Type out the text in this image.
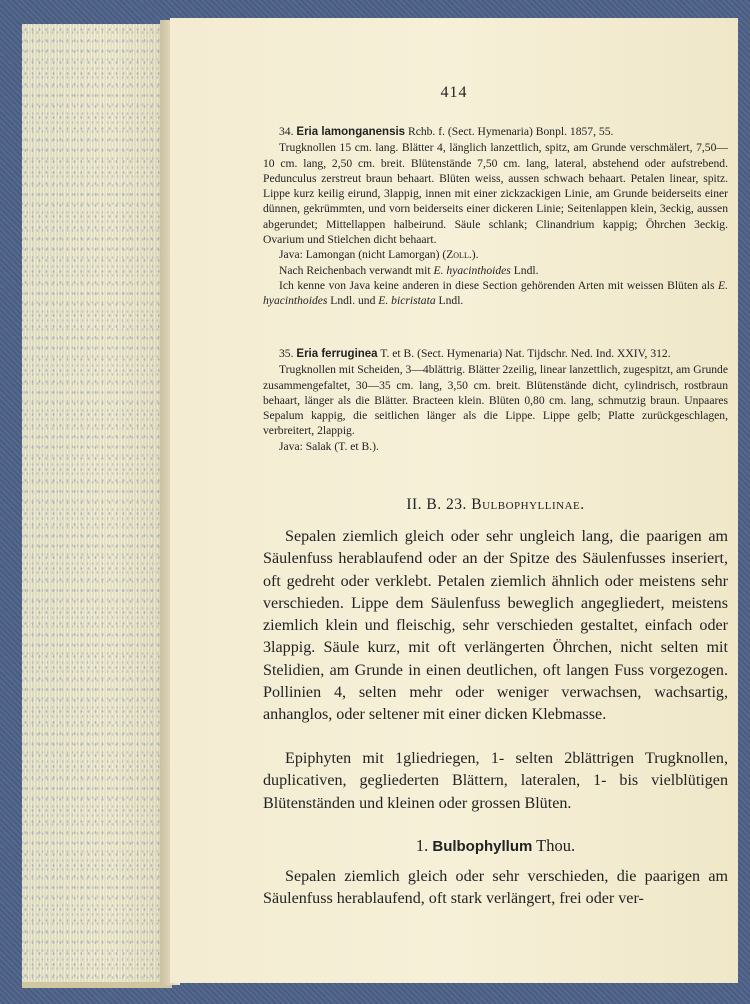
414

34. Eria lamonganensis Rchb. f. (Sect. Hymenaria) Bonpl. 1857, 55.

Trugknollen 15 cm. lang. Blätter 4, länglich lanzettlich, spitz, am Grunde verschmälert, 7,50—10 cm. lang, 2,50 cm. breit. Blütenstände 7,50 cm. lang, lateral, abstehend oder aufstrebend. Pedunculus zerstreut braun behaart. Blüten weiss, aussen schwach behaart. Petalen linear, spitz. Lippe kurz keilig eirund, 3lappig, innen mit einer zickzackigen Linie, am Grunde beiderseits einer dünnen, gekrümmten, und vorn beiderseits einer dickeren Linie; Seitenlappen klein, 3eckig, aussen abgerundet; Mittellappen halbeirund. Säule schlank; Clinandrium kappig; Öhrchen 3eckig. Ovarium und Stielchen dicht behaart.

Java: Lamongan (nicht Lamorgan) (Zoll.).

Nach Reichenbach verwandt mit E. hyacinthoides Lndl.

Ich kenne von Java keine anderen in diese Section gehörenden Arten mit weissen Blüten als E. hyacinthoides Lndl. und E. bicristata Lndl.

35. Eria ferruginea T. et B. (Sect. Hymenaria) Nat. Tijdschr. Ned. Ind. XXIV, 312.

Trugknollen mit Scheiden, 3—4blättrig. Blätter 2zeilig, linear lanzettlich, zugespitzt, am Grunde zusammengefaltet, 30—35 cm. lang, 3,50 cm. breit. Blütenstände dicht, cylindrisch, rostbraun behaart, länger als die Blätter. Bracteen klein. Blüten 0,80 cm. lang, schmutzig braun. Unpaares Sepalum kappig, die seitlichen länger als die Lippe. Lippe gelb; Platte zurückgeschlagen, verbreitert, 2lappig.

Java: Salak (T. et B.).

II. B. 23. Bulbophyllinae.

Sepalen ziemlich gleich oder sehr ungleich lang, die paarigen am Säulenfuss herablaufend oder an der Spitze des Säulenfusses inseriert, oft gedreht oder verklebt. Petalen ziemlich ähnlich oder meistens sehr verschieden. Lippe dem Säulenfuss beweglich angegliedert, meistens ziemlich klein und fleischig, sehr verschieden gestaltet, einfach oder 3lappig. Säule kurz, mit oft verlängerten Öhrchen, nicht selten mit Stelidien, am Grunde in einen deutlichen, oft langen Fuss vorgezogen. Pollinien 4, selten mehr oder weniger verwachsen, wachsartig, anhanglos, oder seltener mit einer dicken Klebmasse.

Epiphyten mit 1gliedriegen, 1- selten 2blättrigen Trugknollen, duplicativen, gegliederten Blättern, lateralen, 1- bis vielblütigen Blütenständen und kleinen oder grossen Blüten.

1. Bulbophyllum Thou.

Sepalen ziemlich gleich oder sehr verschieden, die paarigen am Säulenfuss herablaufend, oft stark verlängert, frei oder ver-
